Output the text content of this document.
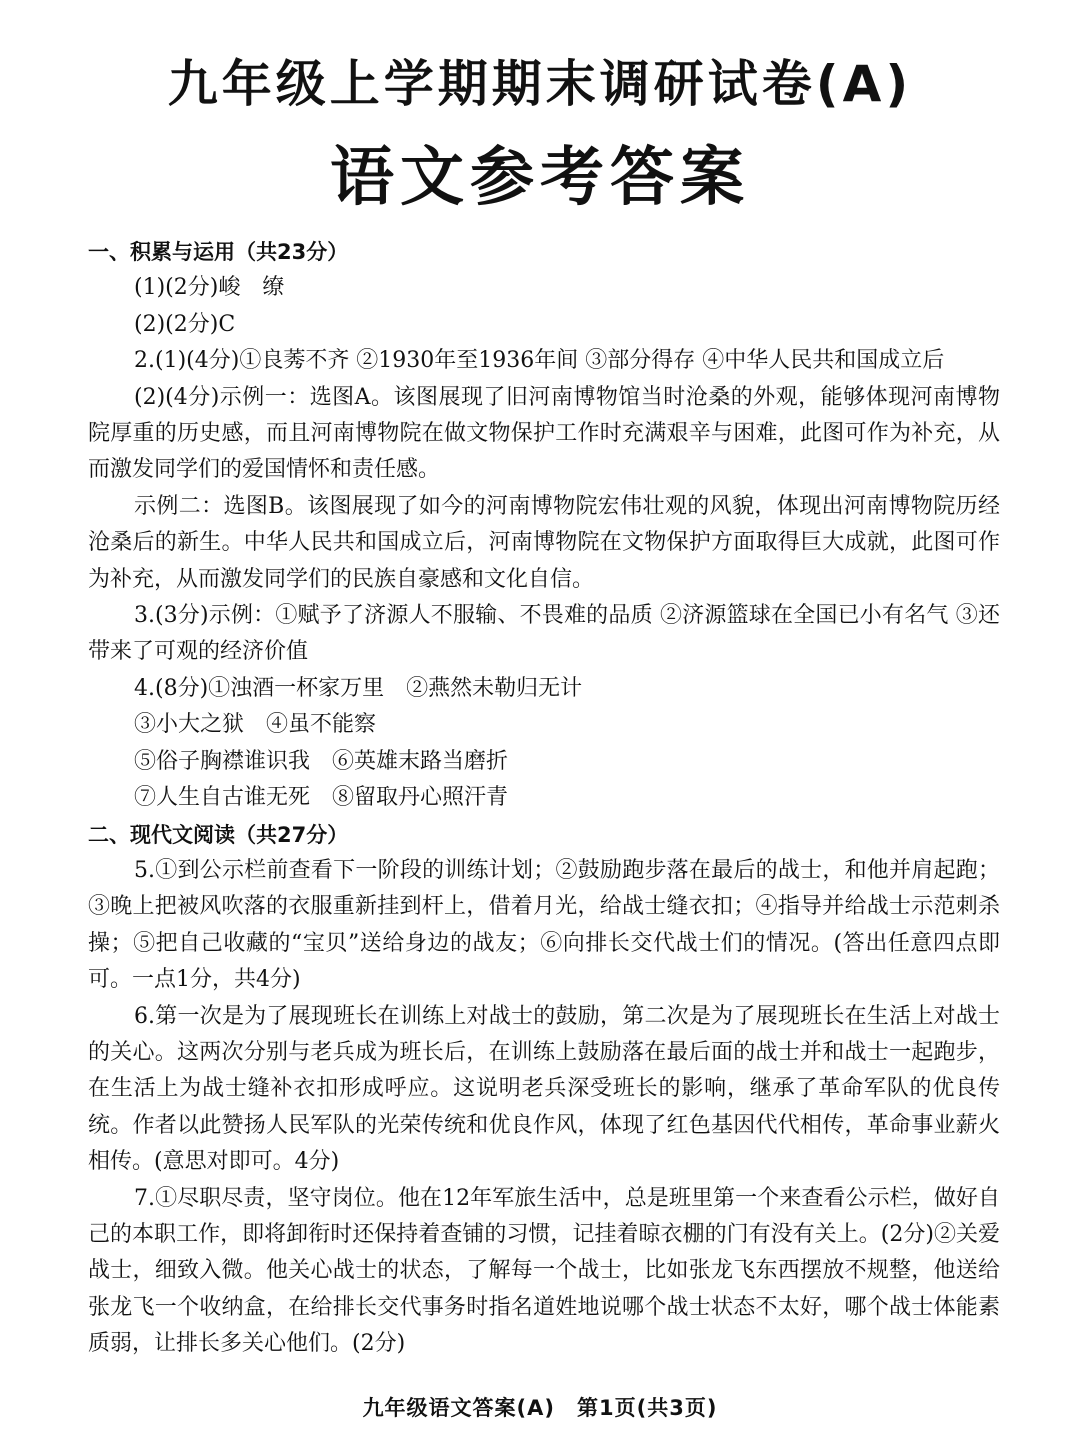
九年级上学期期末调研试卷(A)
语文参考答案

一、积累与运用（共23分）

(1)(2分)峻　缭

(2)(2分)C

2.(1)(4分)①良莠不齐 ②1930年至1936年间 ③部分得存 ④中华人民共和国成立后

(2)(4分)示例一：选图A。该图展现了旧河南博物馆当时沧桑的外观，能够体现河南博物院厚重的历史感，而且河南博物院在做文物保护工作时充满艰辛与困难，此图可作为补充，从而激发同学们的爱国情怀和责任感。

示例二：选图B。该图展现了如今的河南博物院宏伟壮观的风貌，体现出河南博物院历经沧桑后的新生。中华人民共和国成立后，河南博物院在文物保护方面取得巨大成就，此图可作为补充，从而激发同学们的民族自豪感和文化自信。

3.(3分)示例：①赋予了济源人不服输、不畏难的品质 ②济源篮球在全国已小有名气 ③还带来了可观的经济价值

4.(8分)①浊酒一杯家万里　②燕然未勒归无计

③小大之狱　④虽不能察

⑤俗子胸襟谁识我　⑥英雄末路当磨折

⑦人生自古谁无死　⑧留取丹心照汗青

二、现代文阅读（共27分）

5.①到公示栏前查看下一阶段的训练计划；②鼓励跑步落在最后的战士，和他并肩起跑；③晚上把被风吹落的衣服重新挂到杆上，借着月光，给战士缝衣扣；④指导并给战士示范刺杀操；⑤把自己收藏的“宝贝”送给身边的战友；⑥向排长交代战士们的情况。(答出任意四点即可。一点1分，共4分)

6.第一次是为了展现班长在训练上对战士的鼓励，第二次是为了展现班长在生活上对战士的关心。这两次分别与老兵成为班长后，在训练上鼓励落在最后面的战士并和战士一起跑步，在生活上为战士缝补衣扣形成呼应。这说明老兵深受班长的影响，继承了革命军队的优良传统。作者以此赞扬人民军队的光荣传统和优良作风，体现了红色基因代代相传，革命事业薪火相传。(意思对即可。4分)

7.①尽职尽责，坚守岗位。他在12年军旅生活中，总是班里第一个来查看公示栏，做好自己的本职工作，即将卸衔时还保持着查铺的习惯，记挂着晾衣棚的门有没有关上。(2分)②关爱战士，细致入微。他关心战士的状态，了解每一个战士，比如张龙飞东西摆放不规整，他送给张龙飞一个收纳盒，在给排长交代事务时指名道姓地说哪个战士状态不太好，哪个战士体能素质弱，让排长多关心他们。(2分)

九年级语文答案(A)　第1页(共3页)
